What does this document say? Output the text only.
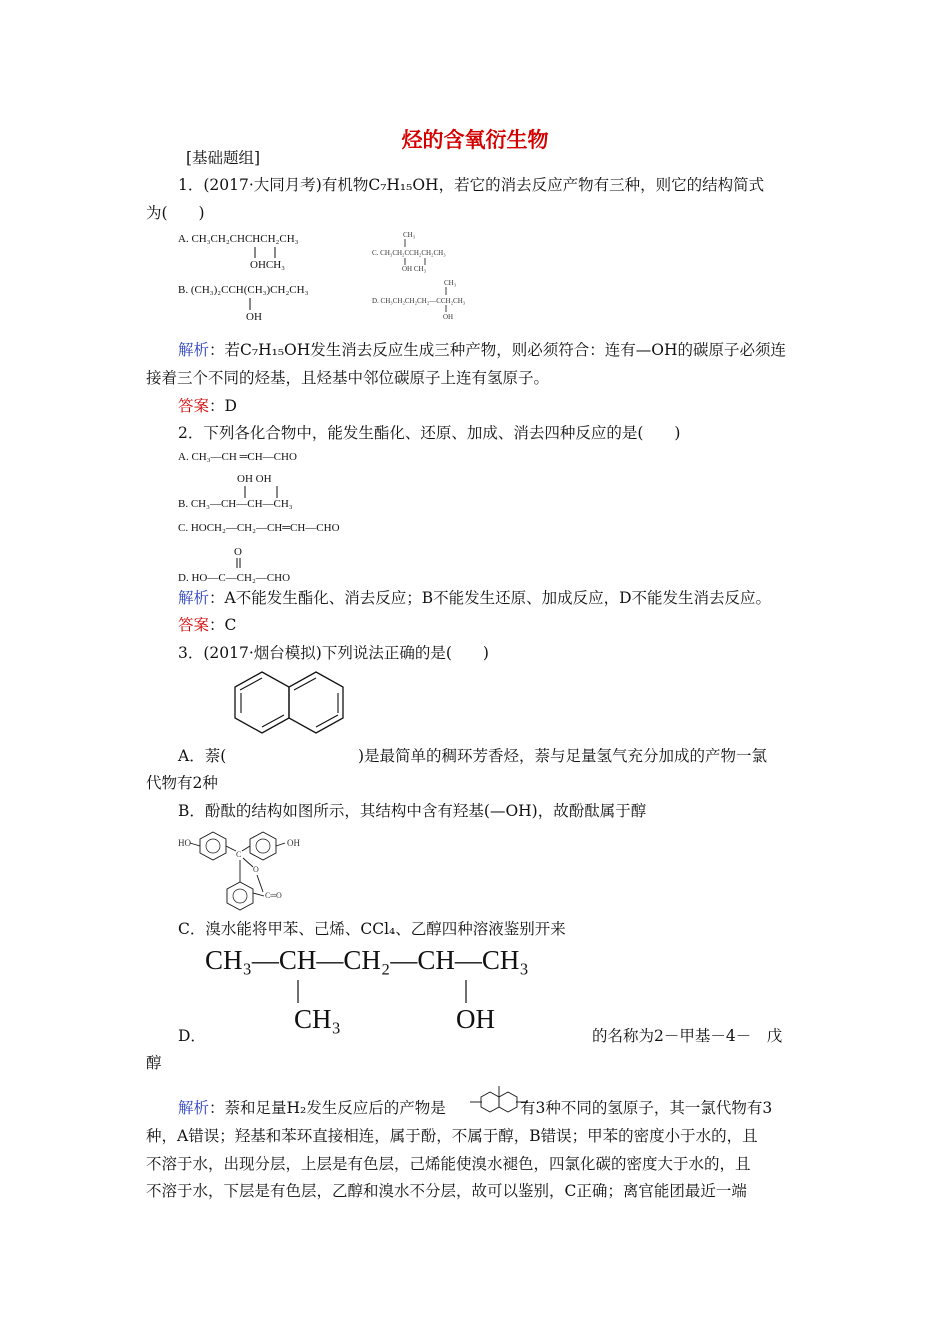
烃的含氧衍生物
[基础题组]
1．(2017·大同月考)有机物C₇H₁₅OH，若它的消去反应产物有三种，则它的结构简式
为(　　)
A. CH₃CH₂CHCHCH₂CH₃
OHCH₃
CH₃
C. CH₃CH₂CCH₂CH₂CH₃
OH CH₃
B. (CH₃)₂CCH(CH₃)CH₂CH₃
OH
CH₃
D. CH₃CH₂CH₂CH₂—CCH₂CH₃
OH
解析：若C₇H₁₅OH发生消去反应生成三种产物，则必须符合：连有—OH的碳原子必须连
接着三个不同的烃基，且烃基中邻位碳原子上连有氢原子。
答案：D
2．下列各化合物中，能发生酯化、还原、加成、消去四种反应的是(　　)
A. CH₃—CH ═CH—CHO
OH OH
B. CH₃—CH—CH—CH₃
C. HOCH₂—CH₂—CH═CH—CHO
O
D. HO—C—CH₂—CHO
解析：A不能发生酯化、消去反应；B不能发生还原、加成反应，D不能发生消去反应。
答案：C
3．(2017·烟台模拟)下列说法正确的是(　　)
A．萘(	)是最简单的稠环芳香烃，萘与足量氢气充分加成的产物一氯
代物有2种
B．酚酞的结构如图所示，其结构中含有羟基(—OH)，故酚酞属于醇
HO	OH
C
O
C═O
C．溴水能将甲苯、己烯、CCl₄、乙醇四种溶液鉴别开来
CH₃—CH—CH₂—CH—CH₃
CH₃	OH
D．	的名称为2－甲基－4－　戊
醇
解析：萘和足量H₂发生反应后的产物是	有3种不同的氢原子，其一氯代物有3
种，A错误；羟基和苯环直接相连，属于酚，不属于醇，B错误；甲苯的密度小于水的，且
不溶于水，出现分层，上层是有色层，己烯能使溴水褪色，四氯化碳的密度大于水的，且
不溶于水，下层是有色层，乙醇和溴水不分层，故可以鉴别，C正确；离官能团最近一端
